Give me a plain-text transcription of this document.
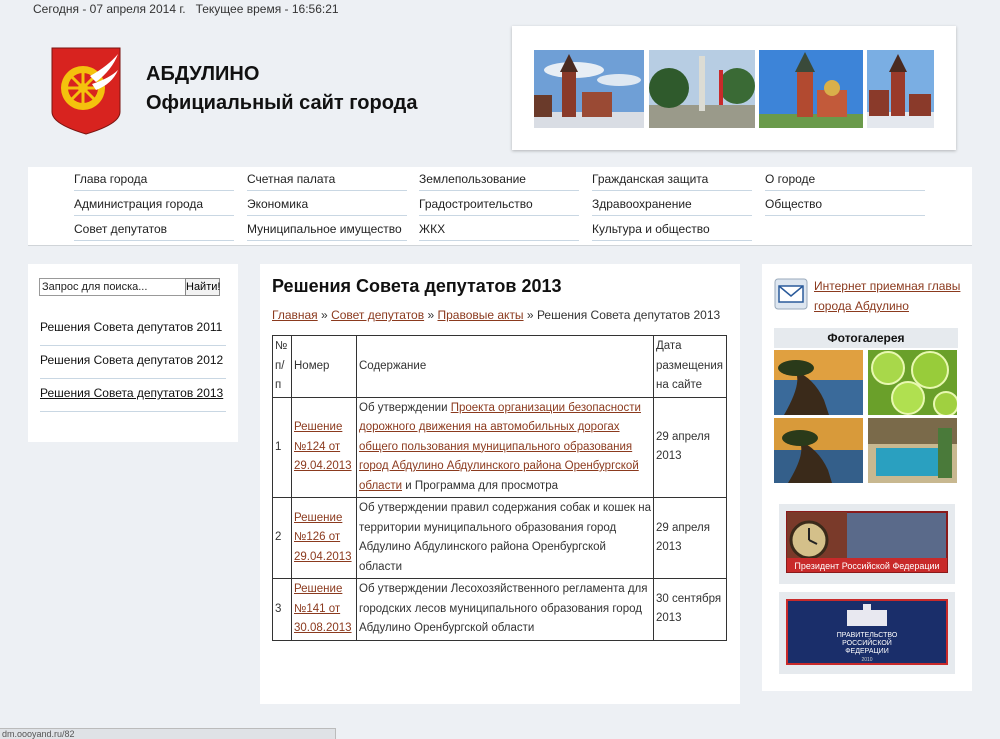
Сегодня - 07 апреля 2014 г. Текущее время - 16:56:21
АБДУЛИНО
Официальный сайт города
Глава города
Администрация города
Совет депутатов
Счетная палата
Экономика
Муниципальное имущество
Землепользование
Градостроительство
ЖКХ
Гражданская защита
Здравоохранение
Культура и общество
О городе
Общество
Запрос для поиска...
Найти!
Решения Совета депутатов 2011
Решения Совета депутатов 2012
Решения Совета депутатов 2013
Решения Совета депутатов 2013
Главная » Совет депутатов » Правовые акты » Решения Совета депутатов 2013
№ п/п	Номер	Содержание	Дата размещения на сайте
1	Решение №124 от 29.04.2013	Об утверждении Проекта организации безопасности дорожного движения на автомобильных дорогах общего пользования муниципального образования город Абдулино Абдулинского района Оренбургской области и Программа для просмотра	29 апреля 2013
2	Решение №126 от 29.04.2013	Об утверждении правил содержания собак и кошек на территории муниципального образования город Абдулино Абдулинского района Оренбургской области	29 апреля 2013
3	Решение №141 от 30.08.2013	Об утверждении Лесохозяйственного регламента для городских лесов муниципального образования город Абдулино Оренбургской области	30 сентября 2013
Интернет приемная главы города Абдулино
Фотогалерея
Президент Российской Федерации
ПРАВИТЕЛЬСТВО
РОССИЙСКОЙ
ФЕДЕРАЦИИ
2010
dm.oooyand.ru/82
